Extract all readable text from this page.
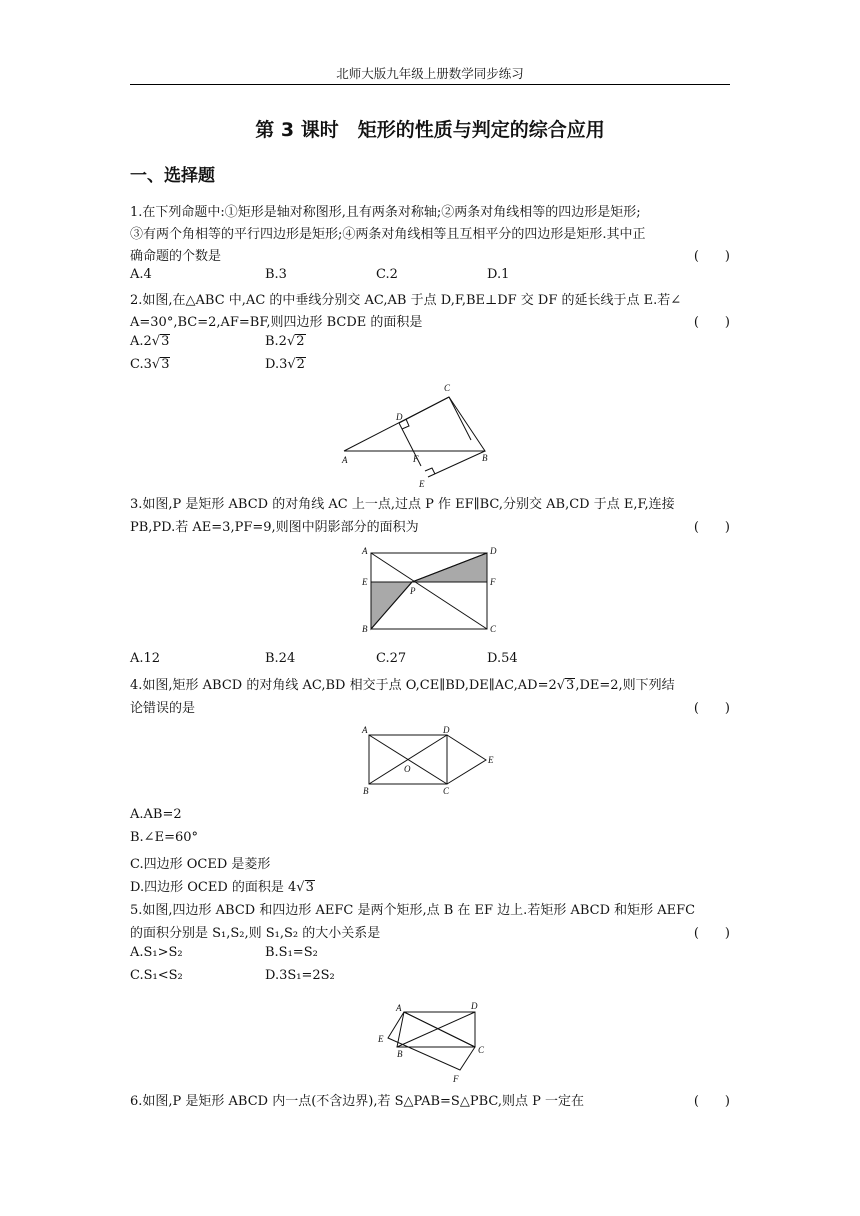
北师大版九年级上册数学同步练习
第 3 课时　矩形的性质与判定的综合应用
一、选择题
1.在下列命题中:①矩形是轴对称图形,且有两条对称轴;②两条对角线相等的四边形是矩形;
③有两个角相等的平行四边形是矩形;④两条对角线相等且互相平分的四边形是矩形.其中正
确命题的个数是	(　　)
A.4	B.3	C.2	D.1
2.如图,在△ABC 中,AC 的中垂线分别交 AC,AB 于点 D,F,BE⊥DF 交 DF 的延长线于点 E.若∠
A=30°,BC=2,AF=BF,则四边形 BCDE 的面积是	(　　)
A.2√3	B.2√2
C.3√3	D.3√2
C
D
A	F	B
E
3.如图,P 是矩形 ABCD 的对角线 AC 上一点,过点 P 作 EF∥BC,分别交 AB,CD 于点 E,F,连接
PB,PD.若 AE=3,PF=9,则图中阴影部分的面积为	(　　)
A	D
E	F
P
B	C
A.12	B.24	C.27	D.54
4.如图,矩形 ABCD 的对角线 AC,BD 相交于点 O,CE∥BD,DE∥AC,AD=2√3,DE=2,则下列结
论错误的是	(　　)
A	D
E
O
B	C
A.AB=2
B.∠E=60°
C.四边形 OCED 是菱形
D.四边形 OCED 的面积是 4√3
5.如图,四边形 ABCD 和四边形 AEFC 是两个矩形,点 B 在 EF 边上.若矩形 ABCD 和矩形 AEFC
的面积分别是 S₁,S₂,则 S₁,S₂ 的大小关系是	(　　)
A.S₁>S₂	B.S₁=S₂
C.S₁<S₂	D.3S₁=2S₂
A	D
E
B	C
F
6.如图,P 是矩形 ABCD 内一点(不含边界),若 S△PAB=S△PBC,则点 P 一定在	(　　)
